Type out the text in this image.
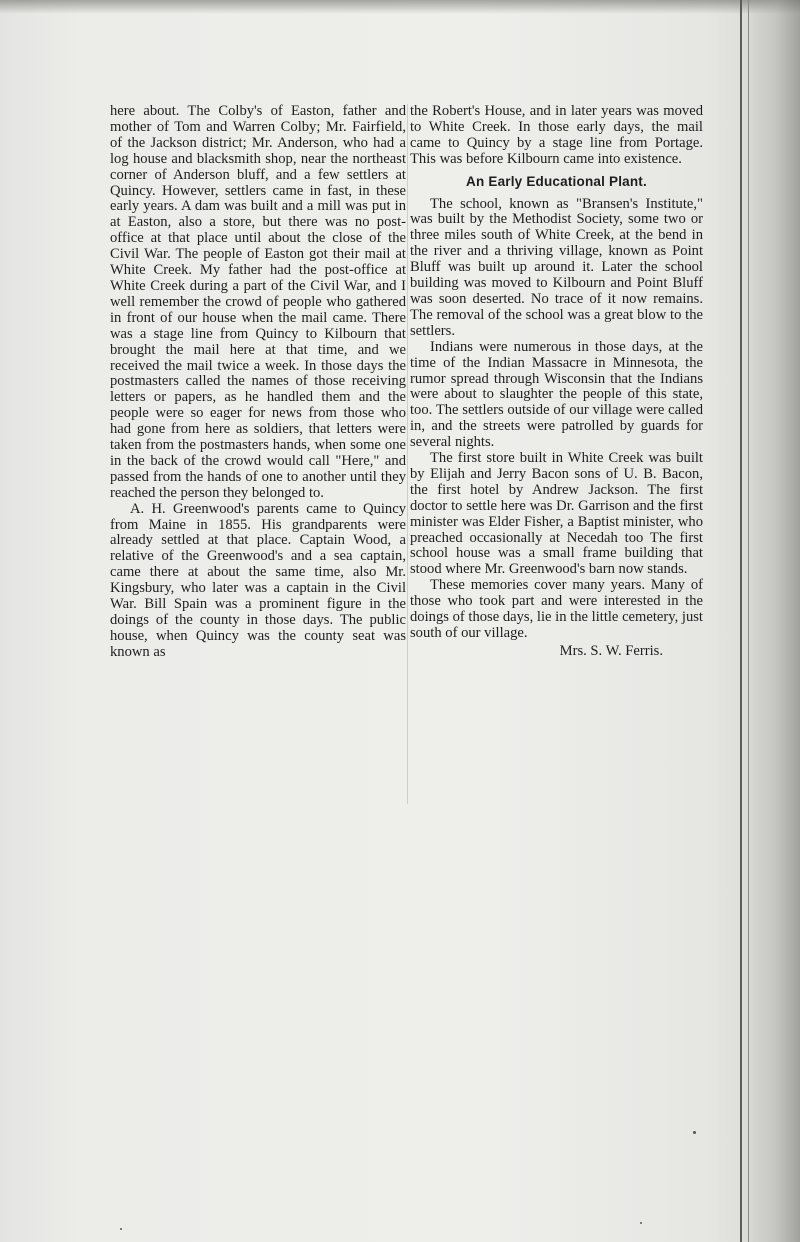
here about. The Colby's of Easton, father and mother of Tom and Warren Colby; Mr. Fairfield, of the Jackson district; Mr. Anderson, who had a log house and blacksmith shop, near the northeast corner of Anderson bluff, and a few settlers at Quincy. However, settlers came in fast, in these early years. A dam was built and a mill was put in at Easton, also a store, but there was no post-office at that place until about the close of the Civil War. The people of Easton got their mail at White Creek. My father had the post-office at White Creek during a part of the Civil War, and I well remember the crowd of people who gathered in front of our house when the mail came. There was a stage line from Quincy to Kilbourn that brought the mail here at that time, and we received the mail twice a week. In those days the postmasters called the names of those receiving letters or papers, as he handled them and the people were so eager for news from those who had gone from here as soldiers, that letters were taken from the postmasters hands, when some one in the back of the crowd would call "Here," and passed from the hands of one to another until they reached the person they belonged to.

A. H. Greenwood's parents came to Quincy from Maine in 1855. His grandparents were already settled at that place. Captain Wood, a relative of the Greenwood's and a sea captain, came there at about the same time, also Mr. Kingsbury, who later was a captain in the Civil War. Bill Spain was a prominent figure in the doings of the county in those days. The public house, when Quincy was the county seat was known as

the Robert's House, and in later years was moved to White Creek. In those early days, the mail came to Quincy by a stage line from Portage. This was before Kilbourn came into existence.

An Early Educational Plant.

The school, known as "Bransen's Institute," was built by the Methodist Society, some two or three miles south of White Creek, at the bend in the river and a thriving village, known as Point Bluff was built up around it. Later the school building was moved to Kilbourn and Point Bluff was soon deserted. No trace of it now remains. The removal of the school was a great blow to the settlers.

Indians were numerous in those days, at the time of the Indian Massacre in Minnesota, the rumor spread through Wisconsin that the Indians were about to slaughter the people of this state, too. The settlers outside of our village were called in, and the streets were patrolled by guards for several nights.

The first store built in White Creek was built by Elijah and Jerry Bacon sons of U. B. Bacon, the first hotel by Andrew Jackson. The first doctor to settle here was Dr. Garrison and the first minister was Elder Fisher, a Baptist minister, who preached occasionally at Necedah too The first school house was a small frame building that stood where Mr. Greenwood's barn now stands.

These memories cover many years. Many of those who took part and were interested in the doings of those days, lie in the little cemetery, just south of our village.

Mrs. S. W. Ferris.
